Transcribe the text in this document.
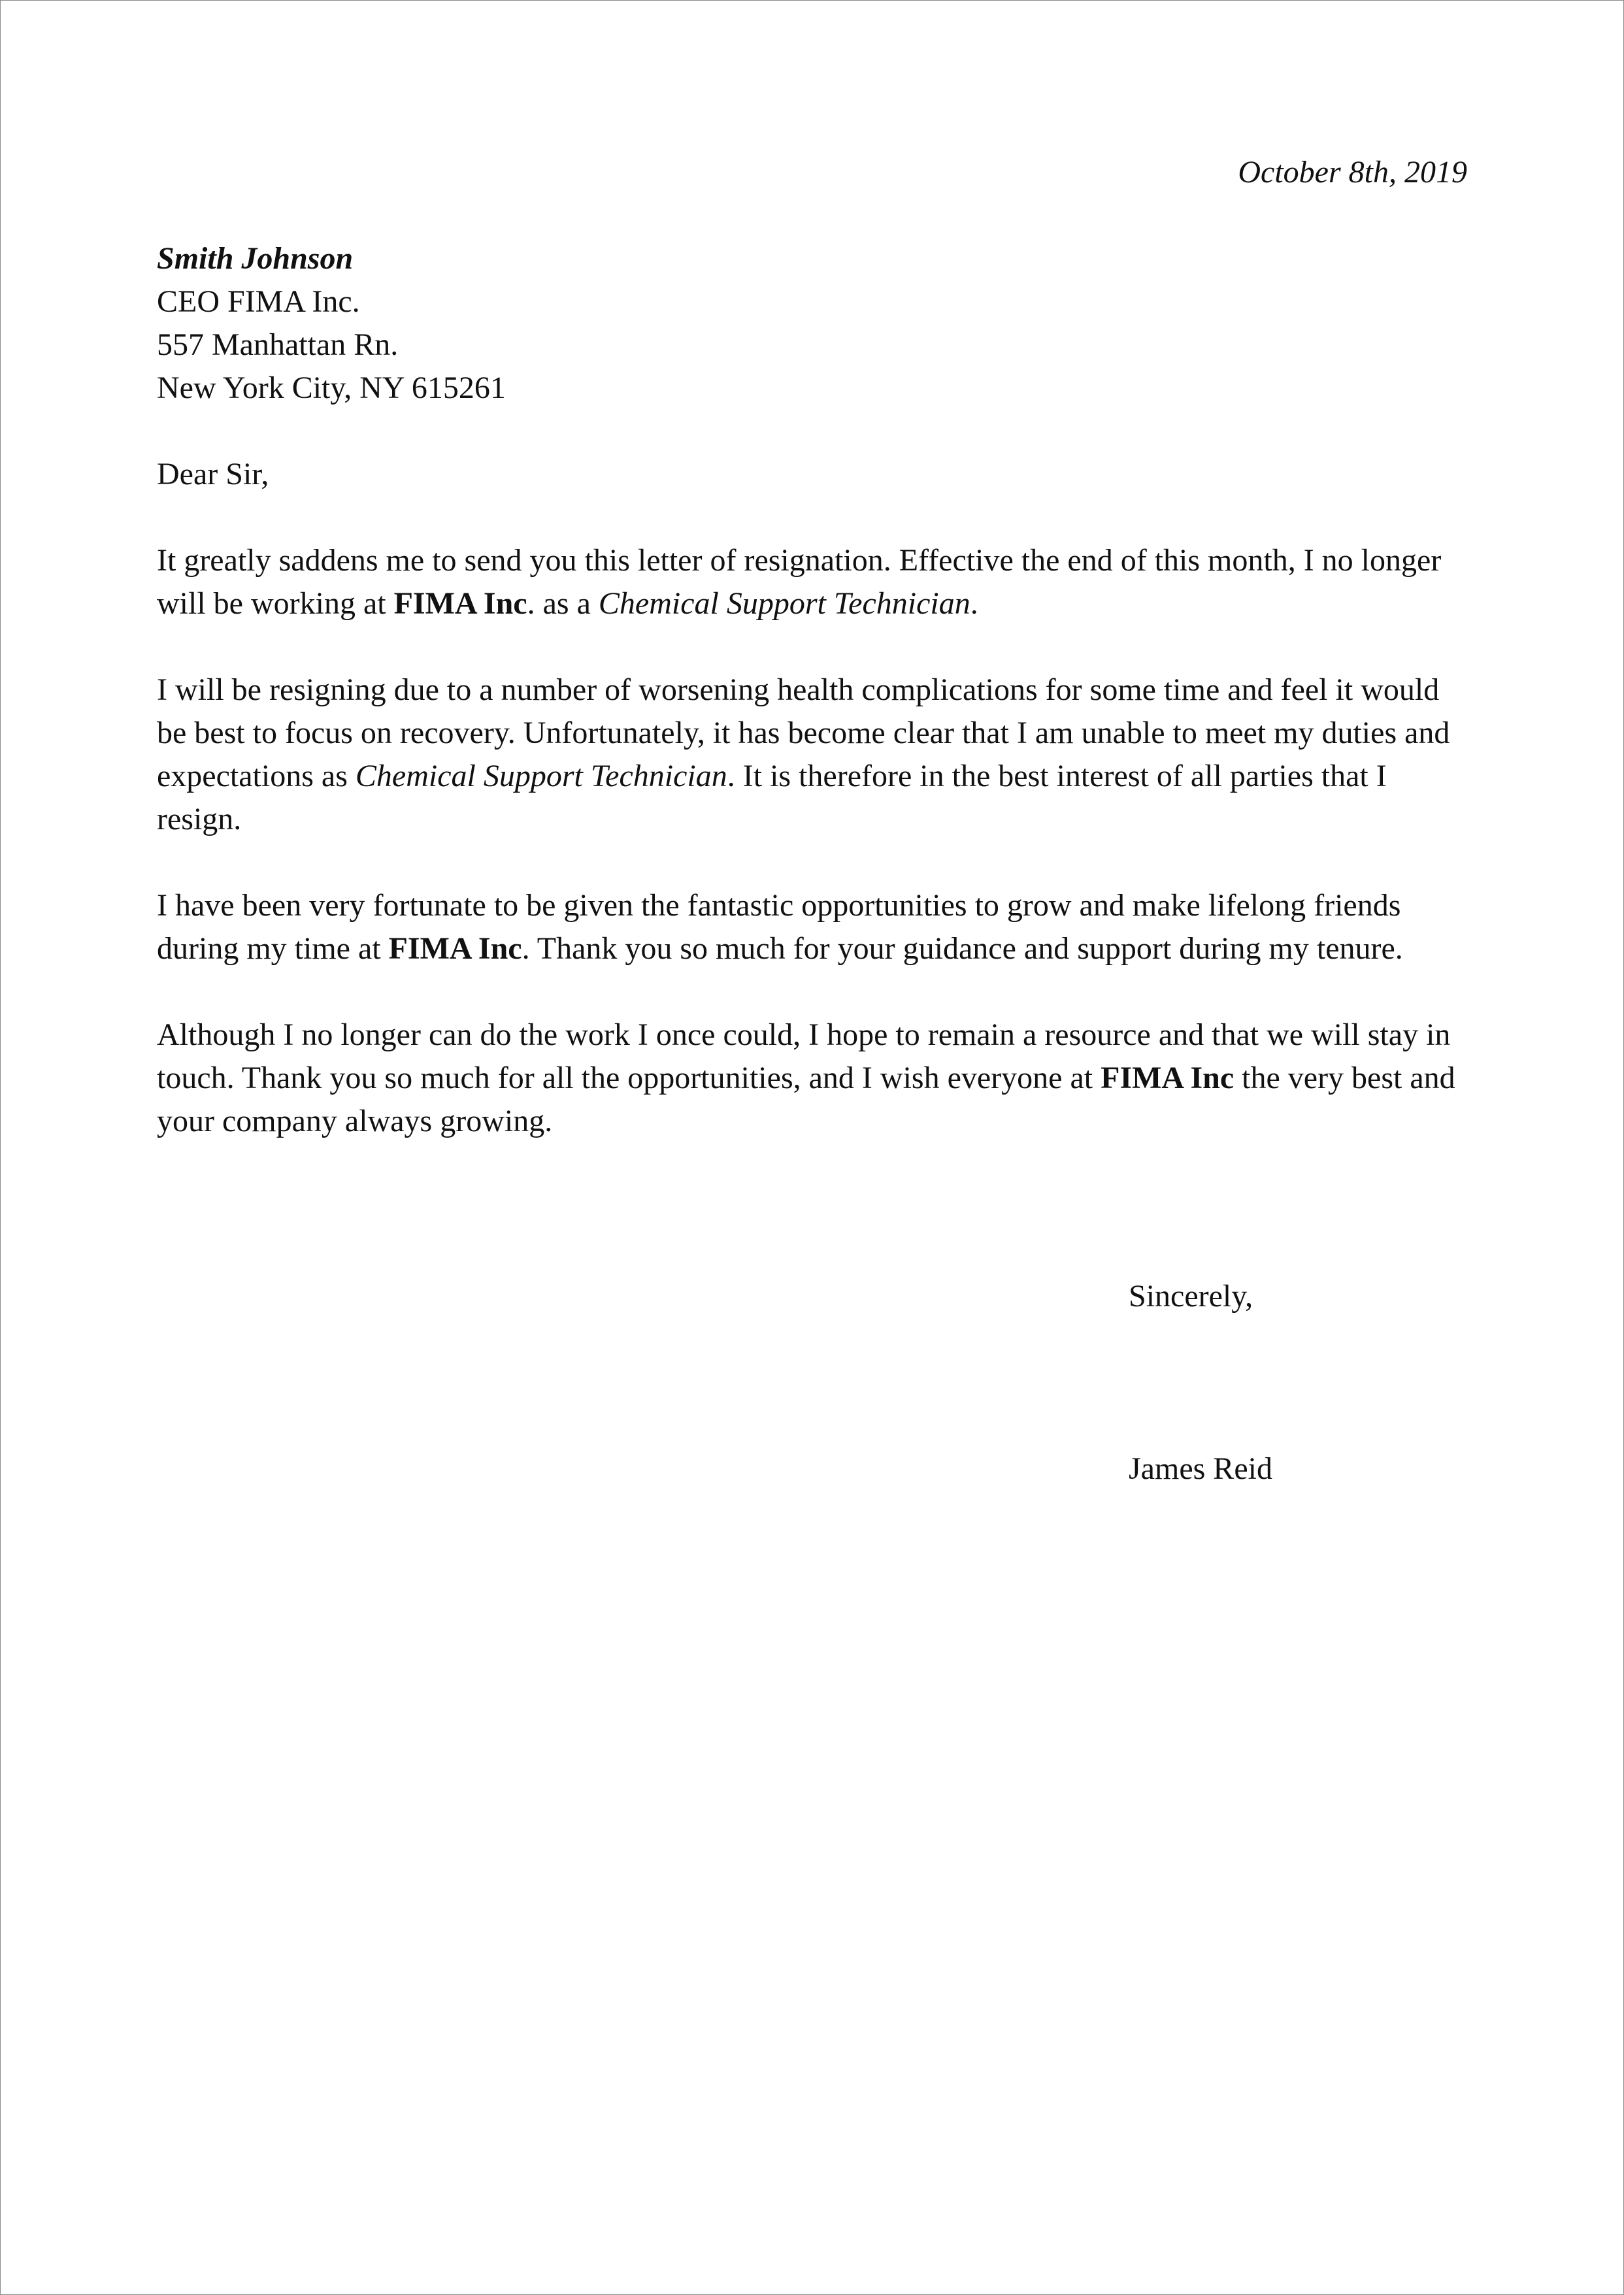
October 8th, 2019
Smith Johnson
CEO FIMA Inc.
557 Manhattan Rn.
New York City, NY 615261
Dear Sir,

It greatly saddens me to send you this letter of resignation. Effective the end of this month, I no longer will be working at FIMA Inc. as a Chemical Support Technician.

I will be resigning due to a number of worsening health complications for some time and feel it would be best to focus on recovery. Unfortunately, it has become clear that I am unable to meet my duties and expectations as Chemical Support Technician. It is therefore in the best interest of all parties that I resign.

I have been very fortunate to be given the fantastic opportunities to grow and make lifelong friends during my time at FIMA Inc. Thank you so much for your guidance and support during my tenure.

Although I no longer can do the work I once could, I hope to remain a resource and that we will stay in touch. Thank you so much for all the opportunities, and I wish everyone at FIMA Inc the very best and your company always growing.

Sincerely,
James Reid
